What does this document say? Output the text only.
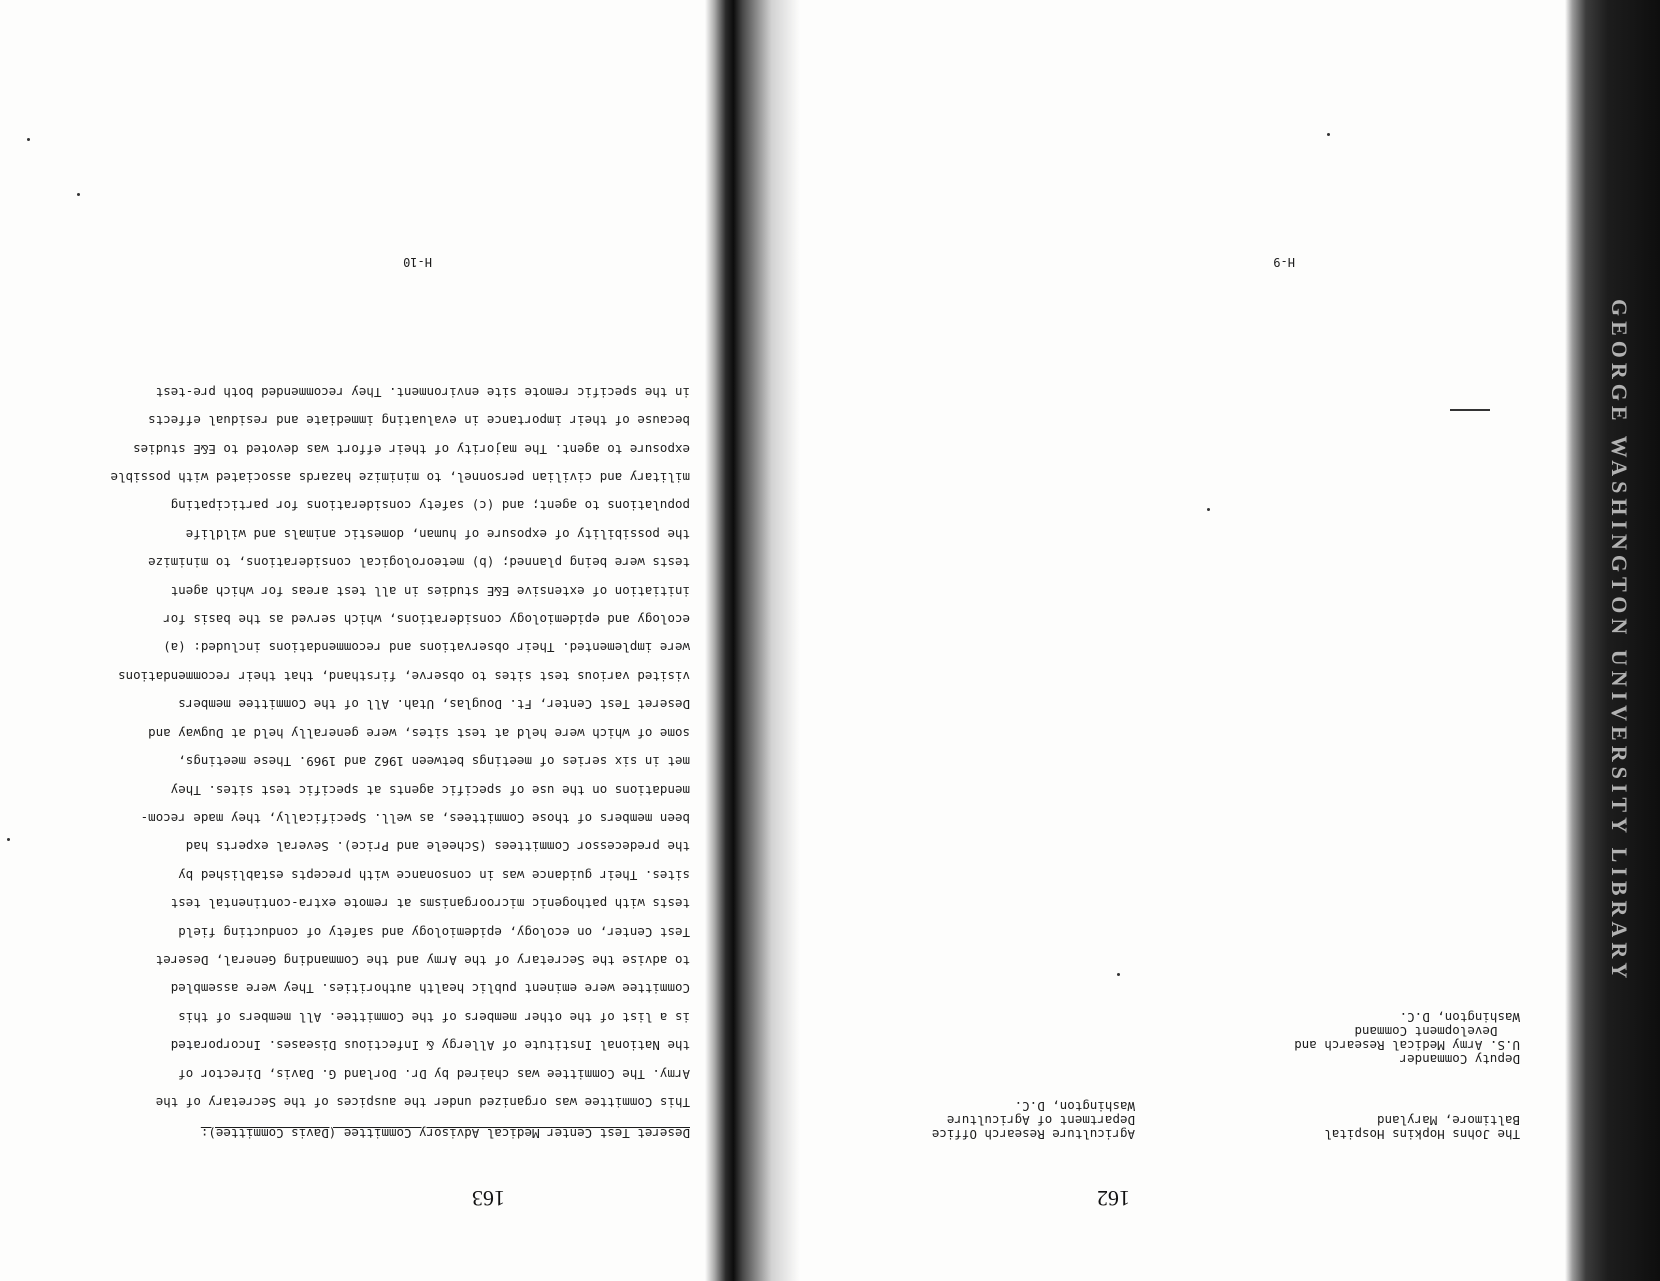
GEORGE WASHINGTON UNIVERSITY LIBRARY
162
The Johns Hopkins Hospital
Baltimore, Maryland
Agriculture Research Office
Department of Agriculture
Washington, D.C.
Deputy Commander
U.S. Army Medical Research and
Development Command
Washington, D.C.
H-9
163

Deseret Test Center Medical Advisory Committee (Davis Committee):

This Committee was organized under the auspices of the Secretary of the

Army. The Committee was chaired by Dr. Dorland G. Davis, Director of

the National Institute of Allergy & Infectious Diseases. Incorporated

is a list of the other members of the Committee. All members of this

Committee were eminent public health authorities. They were assembled

to advise the Secretary of the Army and the Commanding General, Deseret

Test Center, on ecology, epidemiology and safety of conducting field

tests with pathogenic microorganisms at remote extra-continental test

sites. Their guidance was in consonance with precepts established by

the predecessor Committees (Scheele and Price). Several experts had

been members of those Committees, as well. Specifically, they made recom-

mendations on the use of specific agents at specific test sites. They

met in six series of meetings between 1962 and 1969. These meetings,

some of which were held at test sites, were generally held at Dugway and

Deseret Test Center, Ft. Douglas, Utah. All of the Committee members

visited various test sites to observe, firsthand, that their recommendations

were implemented. Their observations and recommendations included: (a)

ecology and epidemiology considerations, which served as the basis for

initiation of extensive E&E studies in all test areas for which agent

tests were being planned; (b) meteorological considerations, to minimize

the possibility of exposure of human, domestic animals and wildlife

populations to agent; and (c) safety considerations for participating

military and civilian personnel, to minimize hazards associated with possible

exposure to agent. The majority of their effort was devoted to E&E studies

because of their importance in evaluating immediate and residual effects

in the specific remote site environment. They recommended both pre-test

H-10
